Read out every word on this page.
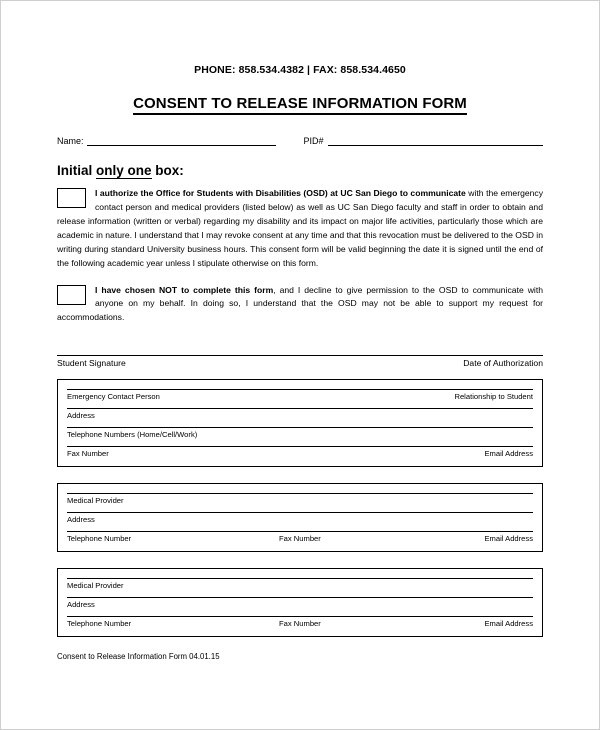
PHONE: 858.534.4382 | FAX: 858.534.4650
CONSENT TO RELEASE INFORMATION FORM
Name:	PID#
Initial only one box:
I authorize the Office for Students with Disabilities (OSD) at UC San Diego to communicate with the emergency contact person and medical providers (listed below) as well as UC San Diego faculty and staff in order to obtain and release information (written or verbal) regarding my disability and its impact on major life activities, particularly those which are academic in nature. I understand that I may revoke consent at any time and that this revocation must be delivered to the OSD in writing during standard University business hours. This consent form will be valid beginning the date it is signed until the end of the following academic year unless I stipulate otherwise on this form.
I have chosen NOT to complete this form, and I decline to give permission to the OSD to communicate with anyone on my behalf. In doing so, I understand that the OSD may not be able to support my request for accommodations.
Student Signature	Date of Authorization
Emergency Contact Person	Relationship to Student
Address
Telephone Numbers (Home/Cell/Work)
Fax Number	Email Address
Medical Provider
Address
Telephone Number	Fax Number	Email Address
Medical Provider
Address
Telephone Number	Fax Number	Email Address
Consent to Release Information Form 04.01.15
